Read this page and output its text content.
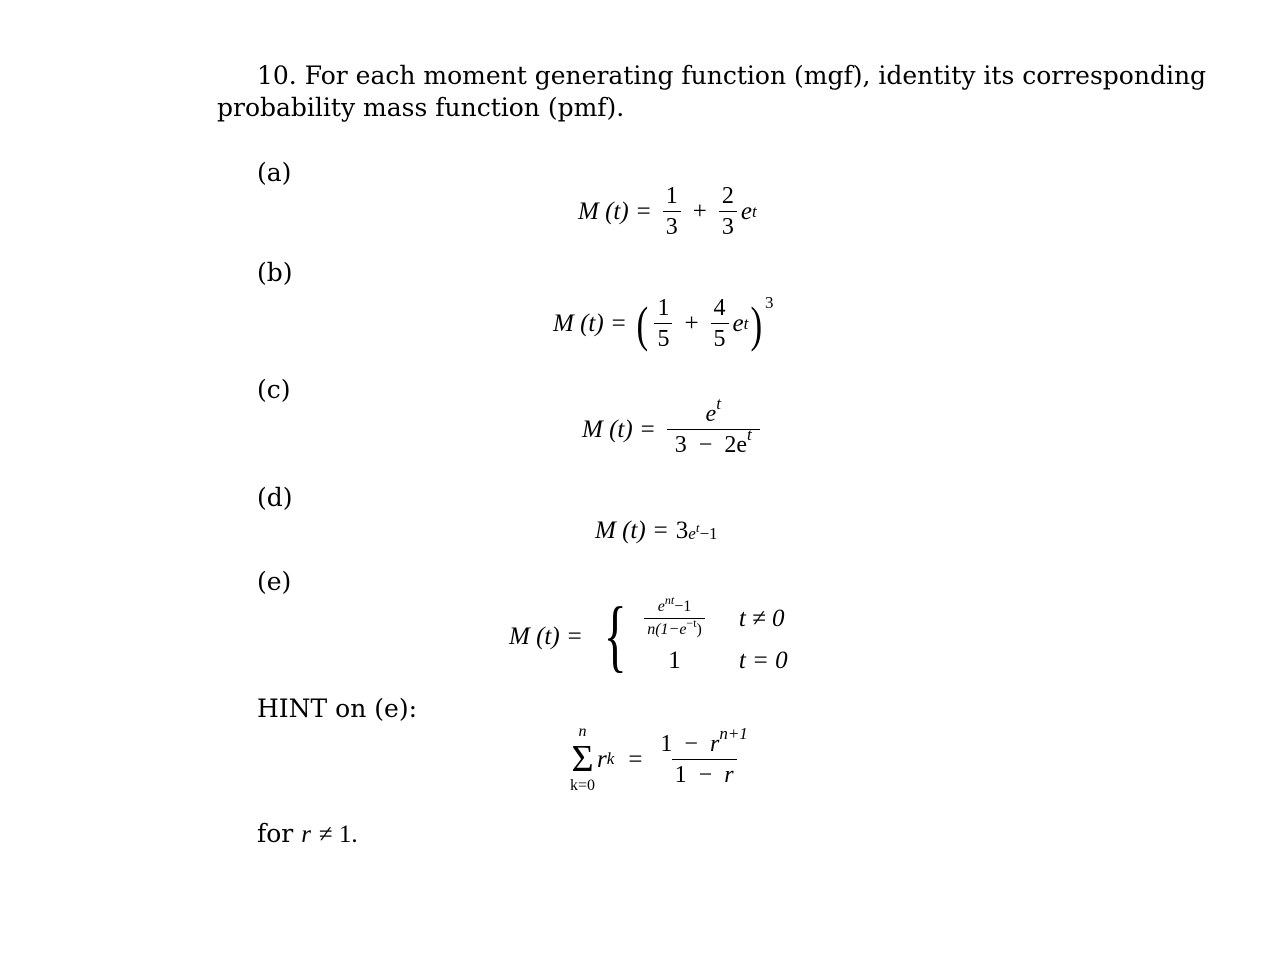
10. For each moment generating function (mgf), identity its corresponding
probability mass function (pmf).
(a)
(b)
(c)
(d)
(e)
M $(t) = \frac{1}{3} + \frac{2}{3}$ e t
M (t) = ( $\frac{1}{5} + \frac{4}{5}$ e t ) 3
M $(t) = \frac{e^t}{3 - 2e^t}$
M (t) = 3 $e^t-1$
M (t) = { $\frac{e^{nt}-1}{n(1-e^{-t})}$ t ≠ 0
1	t = 0
HINT on (e):
n
Σ
k=0
r $k = \frac{1 - r^{n+1}}{1 - r}$
for r ≠ 1.
